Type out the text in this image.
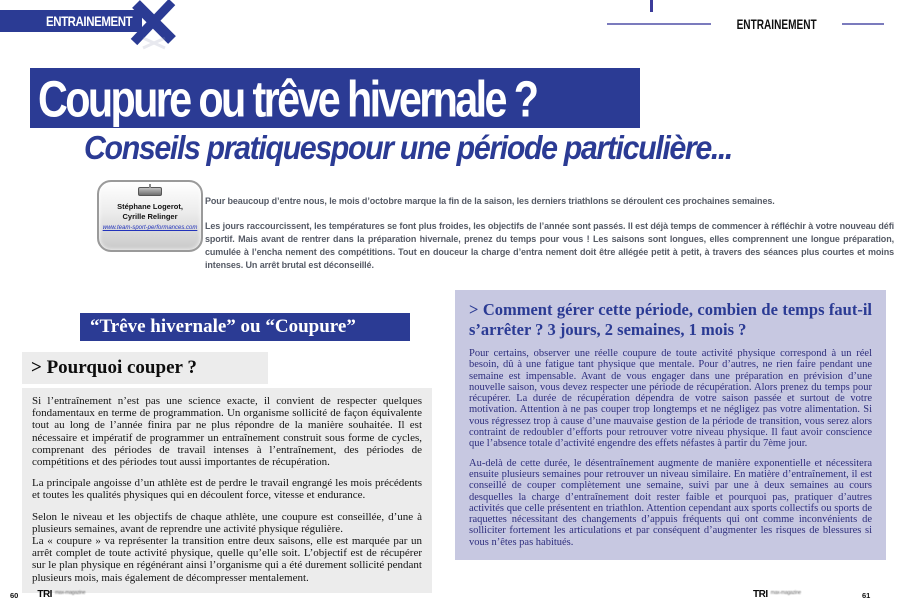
ENTRAINEMENT	ENTRAINEMENT
Coupure ou trêve hivernale ?
Conseils pratiquespour une période particulière...
Stéphane Logerot,
Cyrille Relinger
www.team-sport-performances.com
Pour beaucoup d’entre nous, le mois d’octobre marque la fin de la saison, les derniers triathlons se déroulent ces prochaines semaines.
Les jours raccourcissent, les températures se font plus froides, les objectifs de l’année sont passés. Il est déjà temps de commencer à réfléchir à votre nouveau défi sportif. Mais avant de rentrer dans la préparation hivernale, prenez du temps pour vous ! Les saisons sont longues, elles comprennent une longue préparation, cumulée à l’encha nement des compétitions. Tout en douceur la charge d’entra nement doit être allégée petit à petit, à travers des séances plus courtes et moins intenses. Un arrêt brutal est déconseillé.
“Trêve hivernale” ou “Coupure”
> Pourquoi couper ?
Si l’entraînement n’est pas une science exacte, il convient de respecter quelques fondamentaux en terme de programmation. Un organisme sollicité de façon équivalente tout au long de l’année finira par ne plus répondre de la manière souhaitée. Il est nécessaire et impératif de programmer un entraînement construit sous forme de cycles, comprenant des périodes de travail intenses à l’entraînement, des périodes de compétitions et des périodes tout aussi importantes de récupération.
La principale angoisse d’un athlète est de perdre le travail engrangé les mois précédents et toutes les qualités physiques qui en découlent force, vitesse et endurance.
Selon le niveau et les objectifs de chaque athlète, une coupure est conseillée, d’une à plusieurs semaines, avant de reprendre une activité physique régulière.
La « coupure » va représenter la transition entre deux saisons, elle est marquée par un arrêt complet de toute activité physique, quelle qu’elle soit. L’objectif est de récupérer sur le plan physique en régénérant ainsi l’organisme qui a été durement sollicité pendant plusieurs mois, mais également de décompresser mentalement.
> Comment gérer cette période, combien de temps faut-il s’arrêter ? 3 jours, 2 semaines, 1 mois ?
Pour certains, observer une réelle coupure de toute activité physique correspond à un réel besoin, dû à une fatigue tant physique que mentale. Pour d’autres, ne rien faire pendant une semaine est impensable. Avant de vous engager dans une préparation en prévision d’une nouvelle saison, vous devez respecter une période de récupération. Alors prenez du temps pour récupérer. La durée de récupération dépendra de votre saison passée et surtout de votre motivation. Attention à ne pas couper trop longtemps et ne négligez pas votre alimentation. Si vous régressez trop à cause d’une mauvaise gestion de la période de transition, vous serez alors contraint de redoubler d’efforts pour retrouver votre niveau physique. Il faut avoir conscience que l’absence totale d’activité engendre des effets néfastes à partir du 7ème jour.
Au-delà de cette durée, le désentraînement augmente de manière exponentielle et nécessitera ensuite plusieurs semaines pour retrouver un niveau similaire. En matière d’entraînement, il est conseillé de couper complètement une semaine, suivi par une à deux semaines au cours desquelles la charge d’entraînement doit rester faible et pourquoi pas, pratiquer d’autres activités que celle présentent en triathlon. Attention cependant aux sports collectifs ou sports de raquettes nécessitant des changements d’appuis fréquents qui ont comme inconvénients de solliciter fortement les articulations et par conséquent d’augmenter les risques de blessures si vous n’êtes pas habitués.
60 TRI max-magazine	TRI max-magazine	61
